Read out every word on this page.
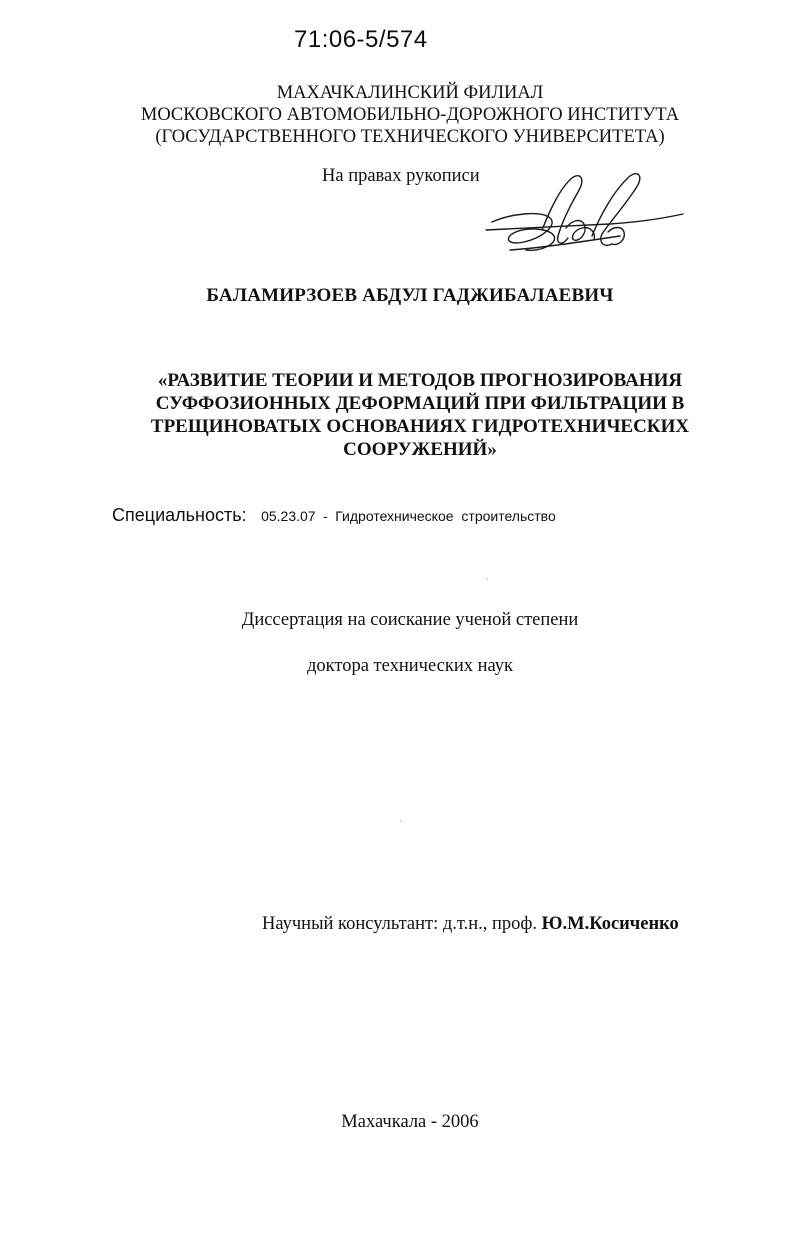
71:06-5/574
МАХАЧКАЛИНСКИЙ ФИЛИАЛ
МОСКОВСКОГО АВТОМОБИЛЬНО-ДОРОЖНОГО ИНСТИТУТА
(ГОСУДАРСТВЕННОГО ТЕХНИЧЕСКОГО УНИВЕРСИТЕТА)
На правах рукописи
БАЛАМИРЗОЕВ АБДУЛ ГАДЖИБАЛАЕВИЧ
«РАЗВИТИЕ ТЕОРИИ И МЕТОДОВ ПРОГНОЗИРОВАНИЯ
СУФФОЗИОННЫХ ДЕФОРМАЦИЙ ПРИ ФИЛЬТРАЦИИ В
ТРЕЩИНОВАТЫХ ОСНОВАНИЯХ ГИДРОТЕХНИЧЕСКИХ
СООРУЖЕНИЙ»
Специальность: 05.23.07 - Гидротехническое строительство
Диссертация на соискание ученой степени
доктора технических наук
Научный консультант: д.т.н., проф. Ю.М.Косиченко
Махачкала - 2006
